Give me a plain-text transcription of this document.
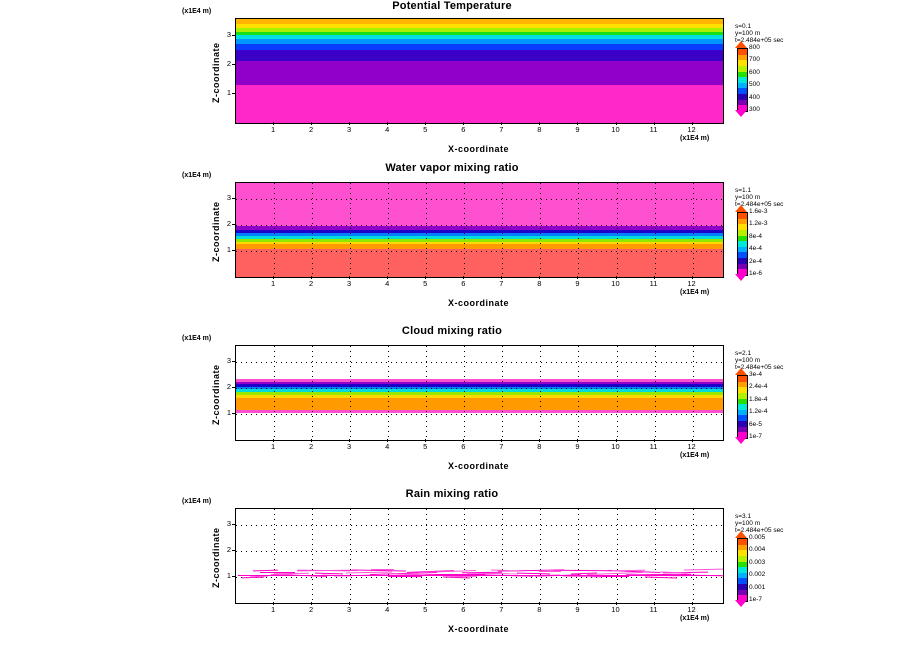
Potential Temperature
(x1E4 m)
3
2
1
Z-coordinate
1	2	3	4	5	6	7	8	9	10	11	12
(x1E4 m)
X-coordinate
s=0.1
y=100 m
t=2.484e+05 sec
800
700
600
500
400
300
Water vapor mixing ratio
(x1E4 m)
3
2
1
Z-coordinate
1	2	3	4	5	6	7	8	9	10	11	12
(x1E4 m)
X-coordinate
s=1.1
y=100 m
t=2.484e+05 sec
1.6e-3
1.2e-3
8e-4
4e-4
2e-4
1e-6
Cloud mixing ratio
(x1E4 m)
3
2
1
Z-coordinate
1	2	3	4	5	6	7	8	9	10	11	12
(x1E4 m)
X-coordinate
s=2.1
y=100 m
t=2.484e+05 sec
3e-4
2.4e-4
1.8e-4
1.2e-4
6e-5
1e-7
Rain mixing ratio
(x1E4 m)
3
2
1
Z-coordinate
1	2	3	4	5	6	7	8	9	10	11	12
(x1E4 m)
X-coordinate
s=3.1
y=100 m
t=2.484e+05 sec
0.005
0.004
0.003
0.002
0.001
1e-7
